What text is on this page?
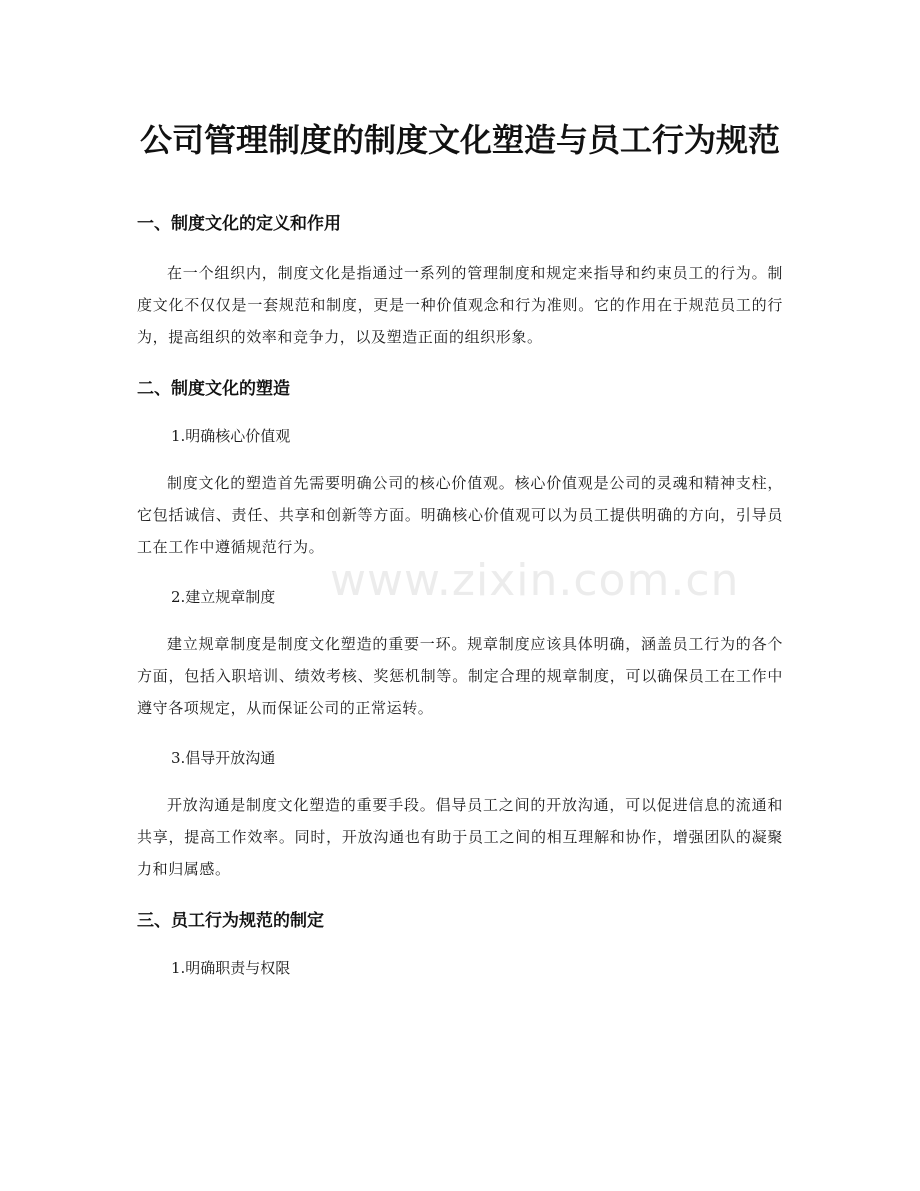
www.zixin.com.cn
公司管理制度的制度文化塑造与员工行为规范
一、制度文化的定义和作用

在一个组织内，制度文化是指通过一系列的管理制度和规定来指导和约束员工的行为。制度文化不仅仅是一套规范和制度，更是一种价值观念和行为准则。它的作用在于规范员工的行为，提高组织的效率和竞争力，以及塑造正面的组织形象。

二、制度文化的塑造
1.明确核心价值观

制度文化的塑造首先需要明确公司的核心价值观。核心价值观是公司的灵魂和精神支柱，它包括诚信、责任、共享和创新等方面。明确核心价值观可以为员工提供明确的方向，引导员工在工作中遵循规范行为。

2.建立规章制度

建立规章制度是制度文化塑造的重要一环。规章制度应该具体明确，涵盖员工行为的各个方面，包括入职培训、绩效考核、奖惩机制等。制定合理的规章制度，可以确保员工在工作中遵守各项规定，从而保证公司的正常运转。

3.倡导开放沟通

开放沟通是制度文化塑造的重要手段。倡导员工之间的开放沟通，可以促进信息的流通和共享，提高工作效率。同时，开放沟通也有助于员工之间的相互理解和协作，增强团队的凝聚力和归属感。

三、员工行为规范的制定
1.明确职责与权限
